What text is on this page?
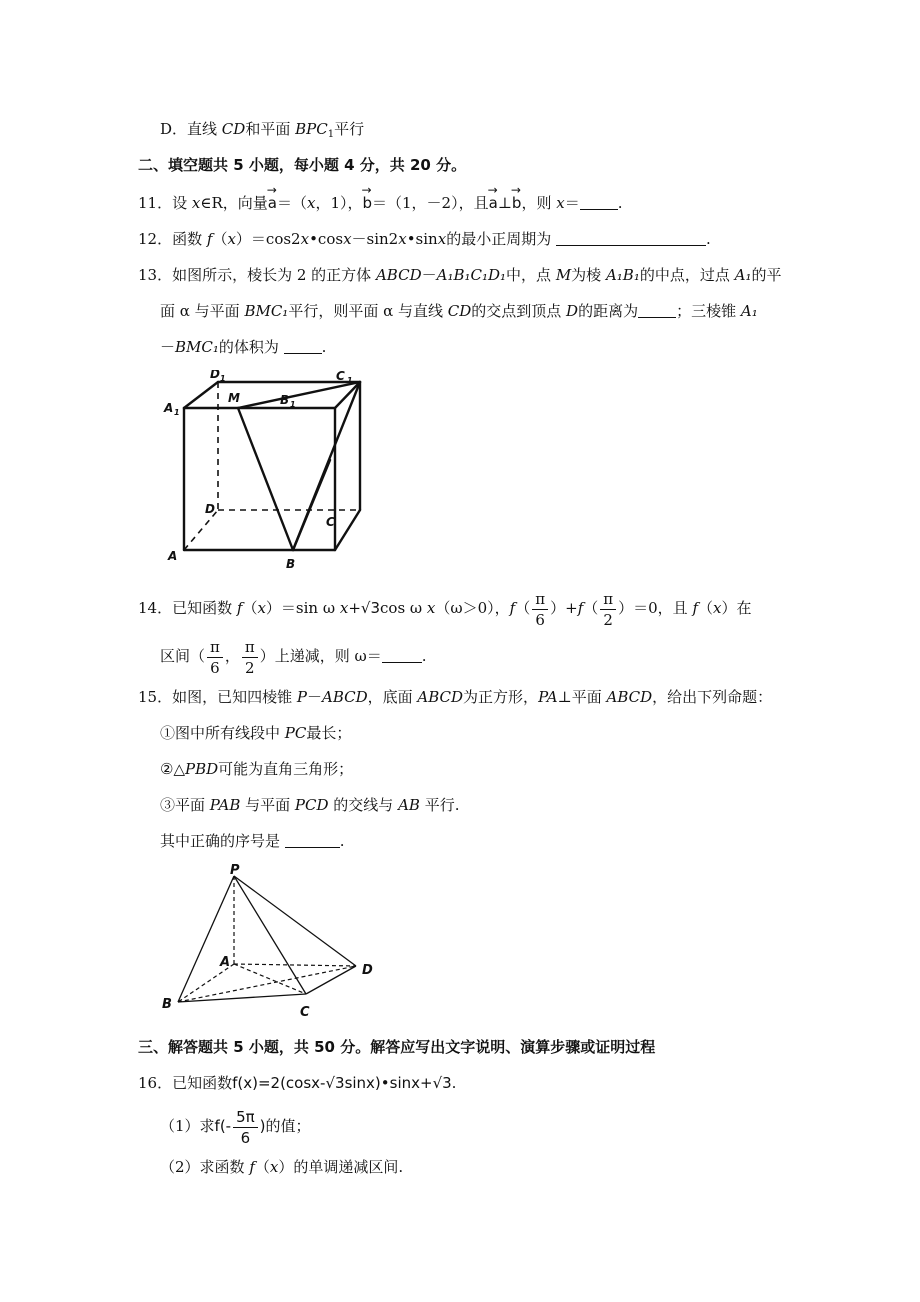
D．直线 CD和平面 $BPC_1$平行
二、填空题共 5 小题，每小题 4 分，共 20 分。
11．设 x∈R，向量→ a＝（x，1），→ b＝（1，－2），且→ a⊥→ b，则 x＝	.
12．函数 f（x）＝cos2x•cosx－sin2x•sinx的最小正周期为	.
13．如图所示，棱长为 2 的正方体 ABCD－A₁B₁C₁D₁中，点 M为棱 A₁B₁的中点，过点 A₁的平
面 α 与平面 BMC₁平行，则平面 α 与直线 CD的交点到顶点 D的距离为	；三棱锥 A₁
－BMC₁的体积为	.
D 1	C 1
A 1
M	B 1
D
C
A
B
14．已知函数 f（x）＝sin ω x+√3cos ω x（ω＞0），$f( \frac{\pi}{6} )+f( \frac{\pi}{2} )=0$，且 f（x）在
区间（ $\frac{\pi}{6}$ ， $\frac{\pi}{2}$ ）上递减，则 ω＝	.
15．如图，已知四棱锥 P－ABCD，底面 ABCD为正方形，PA⊥平面 ABCD，给出下列命题：
①图中所有线段中 PC最长；
②△PBD可能为直角三角形；
③平面 PAB 与平面 PCD 的交线与 AB 平行.
其中正确的序号是	.
P
A
B
C
D
三、解答题共 5 小题，共 50 分。解答应写出文字说明、演算步骤或证明过程
16．已知函数f(x)=2(cosx-√3sinx)•sinx+√3.
（1）求$f(- \frac{5\pi}{6}$ )的值；
（2）求函数 f（x）的单调递减区间.
